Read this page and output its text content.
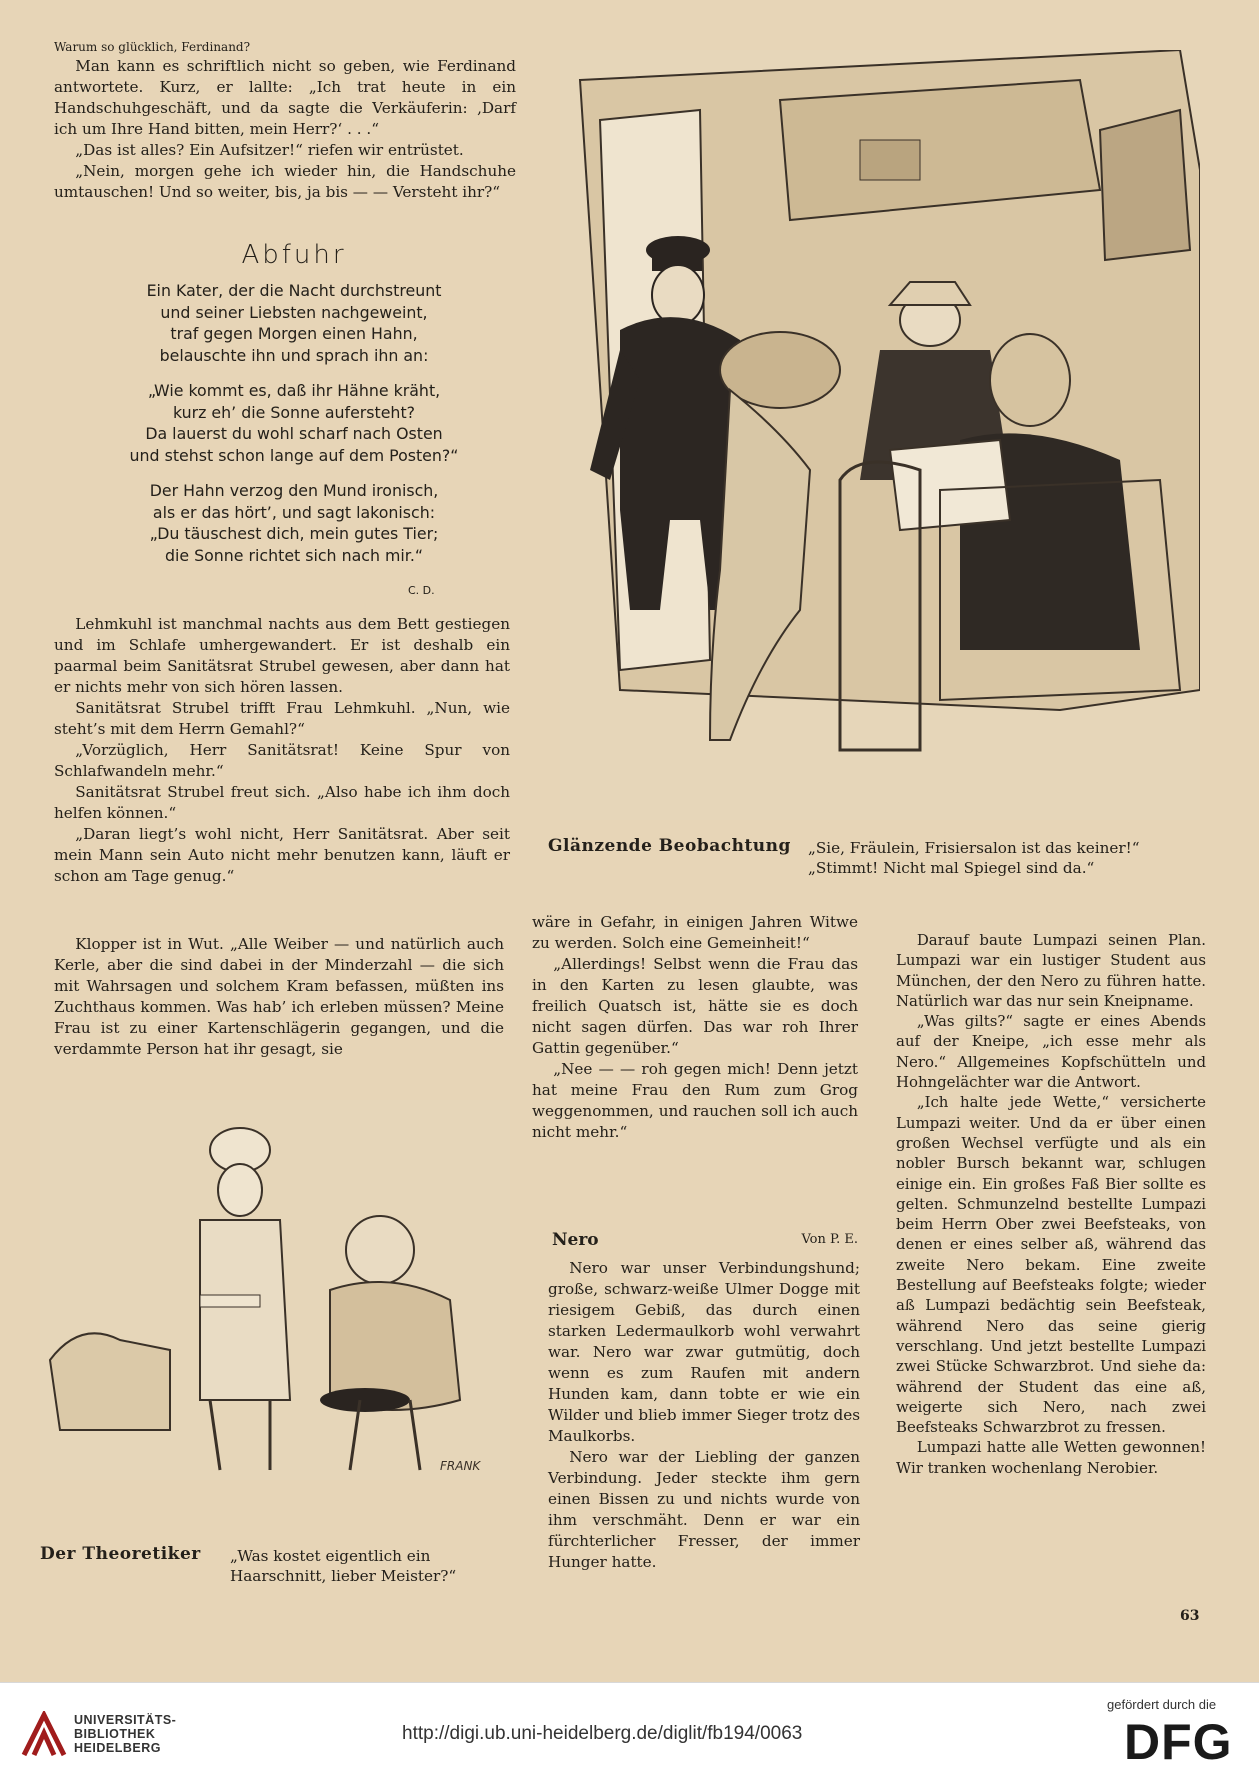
Warum so glücklich, Ferdinand?

Man kann es schriftlich nicht so geben, wie Ferdinand antwortete. Kurz, er lallte: „Ich trat heute in ein Handschuhgeschäft, und da sagte die Verkäuferin: ‚Darf ich um Ihre Hand bitten, mein Herr?‘ . . .“

„Das ist alles? Ein Aufsitzer!“ riefen wir entrüstet.

„Nein, morgen gehe ich wieder hin, die Handschuhe umtauschen! Und so weiter, bis, ja bis — — Versteht ihr?“

Abfuhr
Ein Kater, der die Nacht durchstreunt
und seiner Liebsten nachgeweint,
traf gegen Morgen einen Hahn,
belauschte ihn und sprach ihn an:
„Wie kommt es, daß ihr Hähne kräht,
kurz eh’ die Sonne aufersteht?
Da lauerst du wohl scharf nach Osten
und stehst schon lange auf dem Posten?“
Der Hahn verzog den Mund ironisch,
als er das hört’, und sagt lakonisch:
„Du täuschest dich, mein gutes Tier;
die Sonne richtet sich nach mir.“
C. D.

Lehmkuhl ist manchmal nachts aus dem Bett gestiegen und im Schlafe umhergewandert. Er ist deshalb ein paarmal beim Sanitätsrat Strubel gewesen, aber dann hat er nichts mehr von sich hören lassen.

Sanitätsrat Strubel trifft Frau Lehmkuhl. „Nun, wie steht’s mit dem Herrn Gemahl?“

„Vorzüglich, Herr Sanitätsrat! Keine Spur von Schlafwandeln mehr.“

Sanitätsrat Strubel freut sich. „Also habe ich ihm doch helfen können.“

„Daran liegt’s wohl nicht, Herr Sanitätsrat. Aber seit mein Mann sein Auto nicht mehr benutzen kann, läuft er schon am Tage genug.“

Glänzende Beobachtung „Sie, Fräulein, Frisiersalon ist das keiner!“
„Stimmt! Nicht mal Spiegel sind da.“

Klopper ist in Wut. „Alle Weiber — und natürlich auch Kerle, aber die sind dabei in der Minderzahl — die sich mit Wahrsagen und solchem Kram befassen, müßten ins Zuchthaus kommen. Was hab’ ich erleben müssen? Meine Frau ist zu einer Kartenschlägerin gegangen, und die verdammte Person hat ihr gesagt, sie

FRANK
Der Theoretiker „Was kostet eigentlich ein Haarschnitt, lieber Meister?“

wäre in Gefahr, in einigen Jahren Witwe zu werden. Solch eine Gemeinheit!“

„Allerdings! Selbst wenn die Frau das in den Karten zu lesen glaubte, was freilich Quatsch ist, hätte sie es doch nicht sagen dürfen. Das war roh Ihrer Gattin gegenüber.“

„Nee — — roh gegen mich! Denn jetzt hat meine Frau den Rum zum Grog weggenommen, und rauchen soll ich auch nicht mehr.“

Nero	Von P. E.

Nero war unser Verbindungshund; große, schwarz-weiße Ulmer Dogge mit riesigem Gebiß, das durch einen starken Ledermaulkorb wohl verwahrt war. Nero war zwar gutmütig, doch wenn es zum Raufen mit andern Hunden kam, dann tobte er wie ein Wilder und blieb immer Sieger trotz des Maulkorbs.

Nero war der Liebling der ganzen Verbindung. Jeder steckte ihm gern einen Bissen zu und nichts wurde von ihm verschmäht. Denn er war ein fürchterlicher Fresser, der immer Hunger hatte.

Darauf baute Lumpazi seinen Plan. Lumpazi war ein lustiger Student aus München, der den Nero zu führen hatte. Natürlich war das nur sein Kneipname.

„Was gilts?“ sagte er eines Abends auf der Kneipe, „ich esse mehr als Nero.“ Allgemeines Kopfschütteln und Hohngelächter war die Antwort.

„Ich halte jede Wette,“ versicherte Lumpazi weiter. Und da er über einen großen Wechsel verfügte und als ein nobler Bursch bekannt war, schlugen einige ein. Ein großes Faß Bier sollte es gelten. Schmunzelnd bestellte Lumpazi beim Herrn Ober zwei Beefsteaks, von denen er eines selber aß, während das zweite Nero bekam. Eine zweite Bestellung auf Beefsteaks folgte; wieder aß Lumpazi bedächtig sein Beefsteak, während Nero das seine gierig verschlang. Und jetzt bestellte Lumpazi zwei Stücke Schwarzbrot. Und siehe da: während der Student das eine aß, weigerte sich Nero, nach zwei Beefsteaks Schwarzbrot zu fressen.

Lumpazi hatte alle Wetten gewonnen! Wir tranken wochenlang Nerobier.

63
UNIVERSITÄTS-
BIBLIOTHEK
HEIDELBERG
http://digi.ub.uni-heidelberg.de/diglit/fb194/0063
gefördert durch die
DFG
